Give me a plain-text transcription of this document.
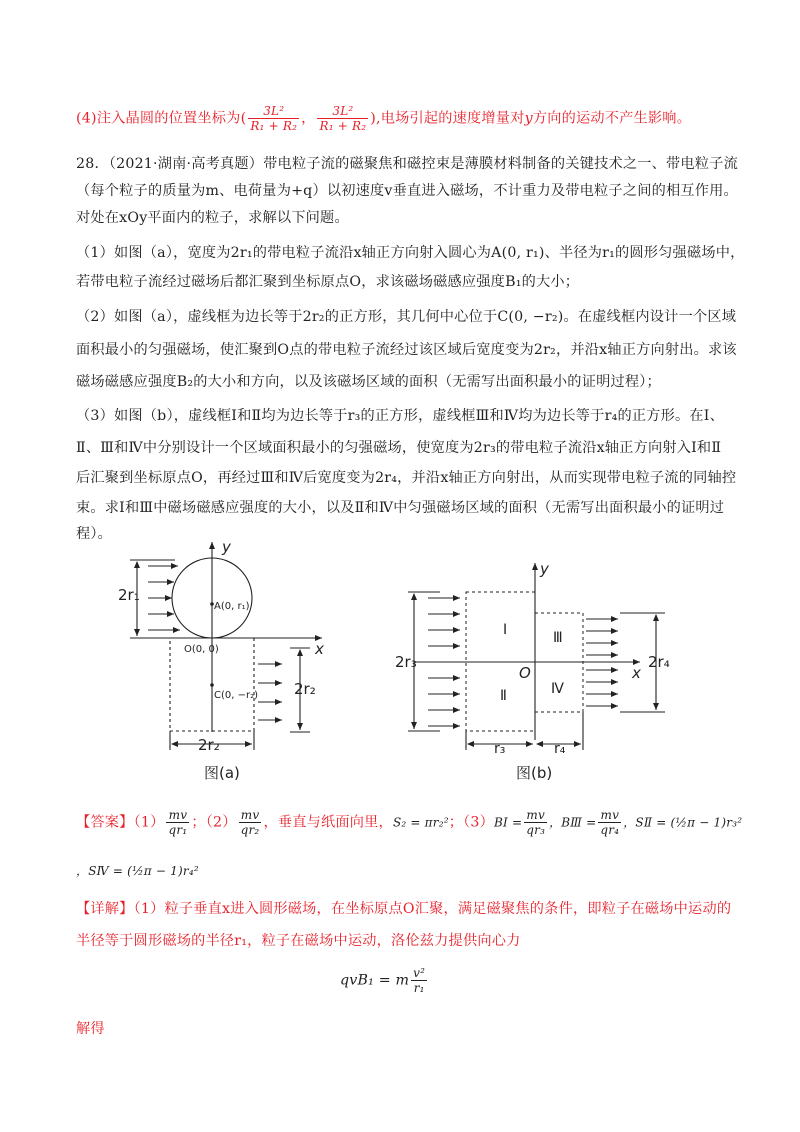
(4)注入晶圆的位置坐标为( $\frac{\text{3L²}}{\text{R₁ + R₂}}$ ， $\frac{\text{3L²}}{\text{R₁ + R₂}}$ ),电场引起的速度增量对y方向的运动不产生影响。
28．（2021·湖南·高考真题）带电粒子流的磁聚焦和磁控束是薄膜材料制备的关键技术之一、带电粒子流
（每个粒子的质量为m、电荷量为+q）以初速度v垂直进入磁场，不计重力及带电粒子之间的相互作用。
对处在xOy平面内的粒子，求解以下问题。
（1）如图（a），宽度为2r₁的带电粒子流沿x轴正方向射入圆心为A(0, r₁)、半径为r₁的圆形匀强磁场中，
若带电粒子流经过磁场后都汇聚到坐标原点O，求该磁场磁感应强度B₁的大小；
（2）如图（a），虚线框为边长等于2r₂的正方形，其几何中心位于C(0, −r₂)。在虚线框内设计一个区域
面积最小的匀强磁场，使汇聚到O点的带电粒子流经过该区域后宽度变为2r₂，并沿x轴正方向射出。求该
磁场磁感应强度B₂的大小和方向，以及该磁场区域的面积（无需写出面积最小的证明过程）；
（3）如图（b），虚线框Ⅰ和Ⅱ均为边长等于r₃的正方形，虚线框Ⅲ和Ⅳ均为边长等于r₄的正方形。在Ⅰ、
Ⅱ、Ⅲ和Ⅳ中分别设计一个区域面积最小的匀强磁场，使宽度为2r₃的带电粒子流沿x轴正方向射入Ⅰ和Ⅱ
后汇聚到坐标原点O，再经过Ⅲ和Ⅳ后宽度变为2r₄，并沿x轴正方向射出，从而实现带电粒子流的同轴控
束。求Ⅰ和Ⅲ中磁场磁感应强度的大小，以及Ⅱ和Ⅳ中匀强磁场区域的面积（无需写出面积最小的证明过
程）。
y
x
2r₁
A(0, r₁)
O(0, 0)
C(0, −r₂) 2r₂
2r₂
图(a)
y
x
O
2r₃	2r₄
Ⅰ
Ⅱ
Ⅲ
Ⅳ
r₃	r₄
图(b)
【答案】$(1) \frac{mv}{\text{qr₁}}$ ；$(2) \frac{mv}{\text{qr₂}}$ ，垂直与纸面向里，S₂ = πr₂²；（3）BⅠ = $\frac{mv}{\text{qr₃}}$ ，BⅢ = $\frac{mv}{\text{qr₄}}$ ，SⅡ = (½π − 1)r₃²
，SⅣ = (½π − 1)r₄²
【详解】（1）粒子垂直x进入圆形磁场，在坐标原点O汇聚，满足磁聚焦的条件，即粒子在磁场中运动的
半径等于圆形磁场的半径r₁，粒子在磁场中运动，洛伦兹力提供向心力
qvB₁ = m $\frac{\text{v²}}{\text{r₁}}$
解得
